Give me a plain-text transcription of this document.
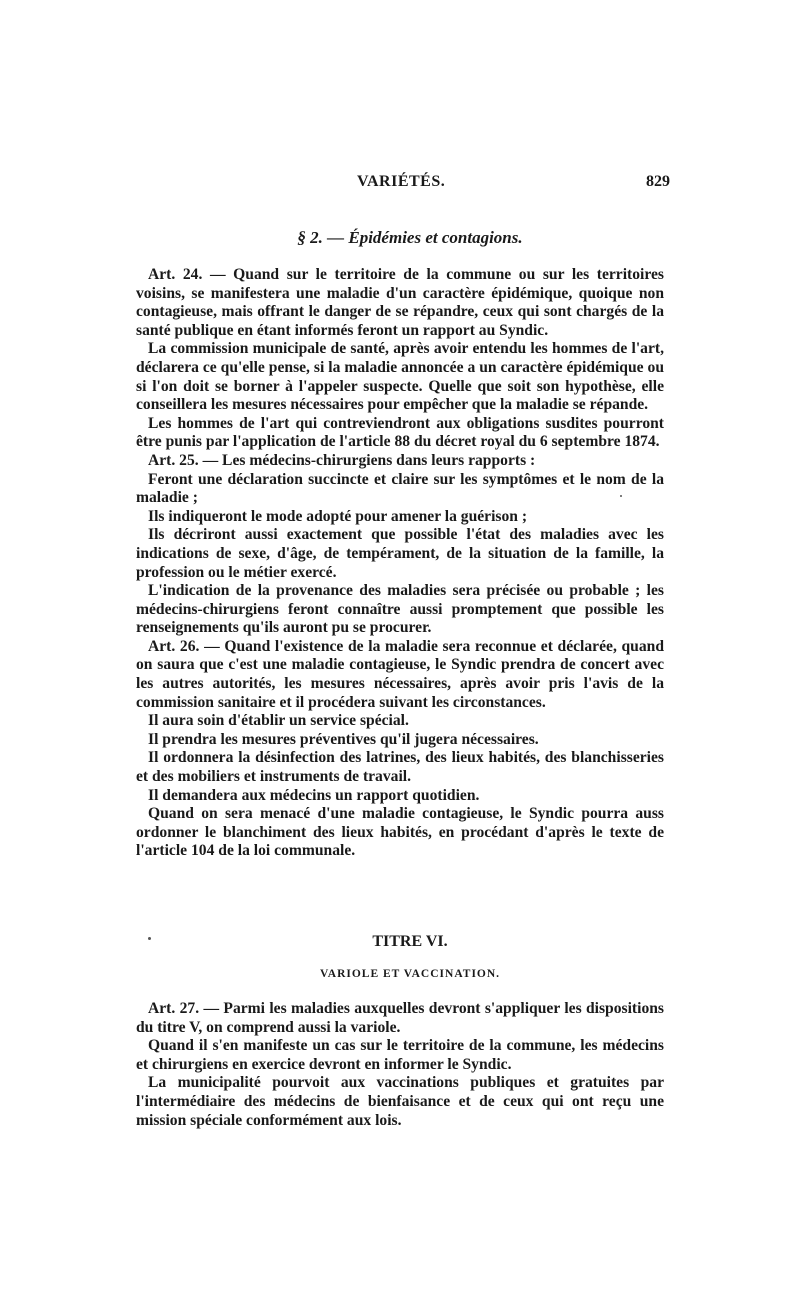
VARIÉTÉS.	829
§ 2. — Épidémies et contagions.

Art. 24. — Quand sur le territoire de la commune ou sur les territoires voisins, se manifestera une maladie d'un caractère épidémique, quoique non contagieuse, mais offrant le danger de se répandre, ceux qui sont chargés de la santé publique en étant informés feront un rapport au Syndic.

La commission municipale de santé, après avoir entendu les hommes de l'art, déclarera ce qu'elle pense, si la maladie annoncée a un caractère épidémique ou si l'on doit se borner à l'appeler suspecte. Quelle que soit son hypothèse, elle conseillera les mesures nécessaires pour empêcher que la maladie se répande.

Les hommes de l'art qui contreviendront aux obligations susdites pourront être punis par l'application de l'article 88 du décret royal du 6 septembre 1874.

Art. 25. — Les médecins-chirurgiens dans leurs rapports :

Feront une déclaration succincte et claire sur les symptômes et le nom de la maladie ;

Ils indiqueront le mode adopté pour amener la guérison ;

Ils décriront aussi exactement que possible l'état des maladies avec les indications de sexe, d'âge, de tempérament, de la situation de la famille, la profession ou le métier exercé.

L'indication de la provenance des maladies sera précisée ou probable ; les médecins-chirurgiens feront connaître aussi promptement que possible les renseignements qu'ils auront pu se procurer.

Art. 26. — Quand l'existence de la maladie sera reconnue et déclarée, quand on saura que c'est une maladie contagieuse, le Syndic prendra de concert avec les autres autorités, les mesures nécessaires, après avoir pris l'avis de la commission sanitaire et il procédera suivant les circonstances.

Il aura soin d'établir un service spécial.

Il prendra les mesures préventives qu'il jugera nécessaires.

Il ordonnera la désinfection des latrines, des lieux habités, des blanchisseries et des mobiliers et instruments de travail.

Il demandera aux médecins un rapport quotidien.

Quand on sera menacé d'une maladie contagieuse, le Syndic pourra auss ordonner le blanchiment des lieux habités, en procédant d'après le texte de l'article 104 de la loi communale.

TITRE VI.
VARIOLE ET VACCINATION.

Art. 27. — Parmi les maladies auxquelles devront s'appliquer les dispositions du titre V, on comprend aussi la variole.

Quand il s'en manifeste un cas sur le territoire de la commune, les médecins et chirurgiens en exercice devront en informer le Syndic.

La municipalité pourvoit aux vaccinations publiques et gratuites par l'intermédiaire des médecins de bienfaisance et de ceux qui ont reçu une mission spéciale conformément aux lois.
